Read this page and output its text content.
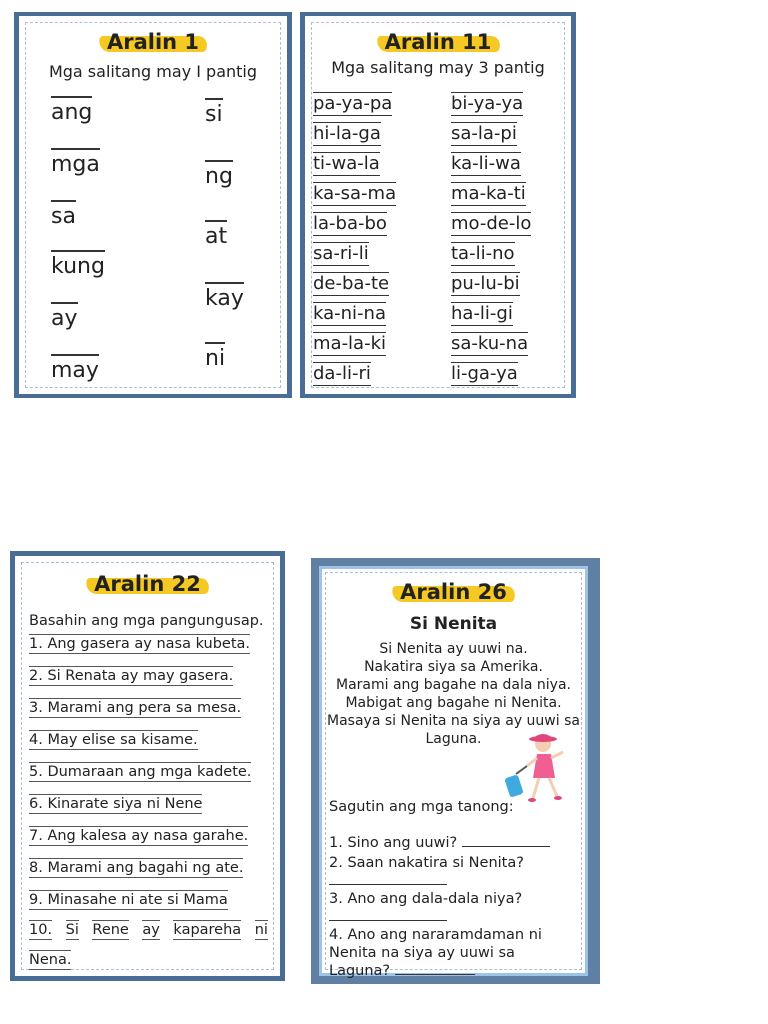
Aralin 1
Mga salitang may I pantig
ang
mga
sa
kung
ay
may
si
ng
at
kay
ni
Aralin 11
Mga salitang may 3 pantig
pa-ya-pa
hi-la-ga
ti-wa-la
ka-sa-ma
la-ba-bo
sa-ri-li
de-ba-te
ka-ni-na
ma-la-ki
da-li-ri
bi-ya-ya
sa-la-pi
ka-li-wa
ma-ka-ti
mo-de-lo
ta-li-no
pu-lu-bi
ha-li-gi
sa-ku-na
li-ga-ya
Aralin 22
Basahin ang mga pangungusap.
1. Ang gasera ay nasa kubeta.
2. Si Renata ay may gasera.
3. Marami ang pera sa mesa.
4. May elise sa kisame.
5. Dumaraan ang mga kadete.
6. Kinarate siya ni Nene
7. Ang kalesa ay nasa garahe.
8. Marami ang bagahi ng ate.
9. Minasahe ni ate si Mama
10. Si Rene ay kapareha ni
Nena.
Aralin 26
Si Nenita
Si Nenita ay uuwi na.
Nakatira siya sa Amerika.
Marami ang bagahe na dala niya.
Mabigat ang bagahe ni Nenita.
Masaya si Nenita na siya ay uuwi sa
Laguna.
Sagutin ang mga tanong:
1. Sino ang uuwi?
2. Saan nakatira si Nenita?
3. Ano ang dala-dala niya?
4. Ano ang nararamdaman ni
Nenita na siya ay uuwi sa
Laguna?
